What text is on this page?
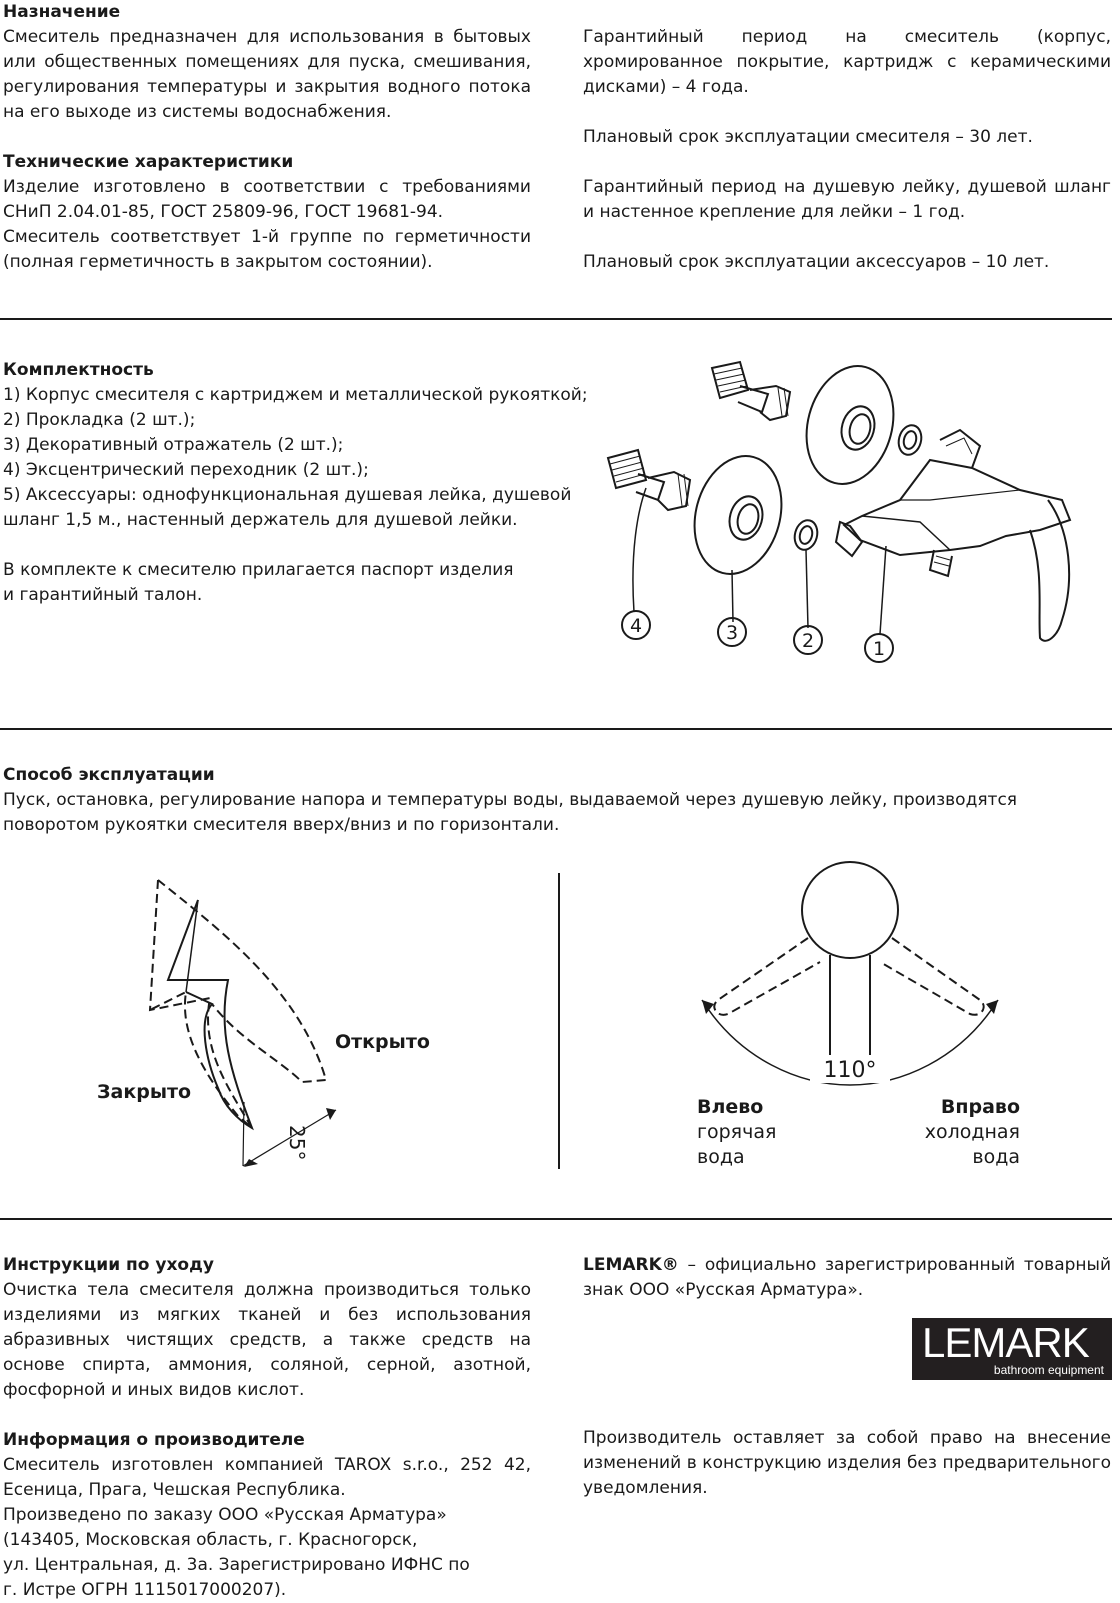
Назначение

Смеситель предназначен для использования в бытовых или общественных помещениях для пуска, смешивания, регулирования температуры и закрытия водного потока на его выходе из системы водоснабжения.

Технические характеристики

Изделие изготовлено в соответствии с требованиями СНиП 2.04.01-85, ГОСТ 25809-96, ГОСТ 19681-94.

Смеситель соответствует 1-й группе по герметичности (полная герметичность в закрытом состоянии).

Гарантийный период на смеситель (корпус, хромированное покрытие, картридж с керамическими дисками) – 4 года.

Плановый срок эксплуатации смесителя – 30 лет.

Гарантийный период на душевую лейку, душевой шланг и настенное крепление для лейки – 1 год.

Плановый срок эксплуатации аксессуаров – 10 лет.

Комплектность

1) Корпус смесителя с картриджем и металлической рукояткой;

2) Прокладка (2 шт.);

3) Декоративный отражатель (2 шт.);

4) Эксцентрический переходник (2 шт.);

5) Аксессуары: однофункциональная душевая лейка, душевой шланг 1,5 м., настенный держатель для душевой лейки.

В комплекте к смесителю прилагается паспорт изделия и гарантийный талон.

4	3	2	1

Способ эксплуатации

Пуск, остановка, регулирование напора и температуры воды, выдаваемой через душевую лейку, производятся поворотом рукоятки смесителя вверх/вниз и по горизонтали.

25°
Закрыто
Открыто
110°
Влево
горячая
вода
Вправо
холодная
вода

Инструкции по уходу

Очистка тела смесителя должна производиться только изделиями из мягких тканей и без использования абразивных чистящих средств, а также средств на основе спирта, аммония, соляной, серной, азотной, фосфорной и иных видов кислот.

Информация о производителе

Смеситель изготовлен компанией TAROX s.r.o., 252 42, Есеница, Прага, Чешская Республика.

Произведено по заказу ООО «Русская Арматура»

(143405, Московская область, г. Красногорск,

ул. Центральная, д. 3а. Зарегистрировано ИФНС по

г. Истре ОГРН 1115017000207).

LEMARK® – официально зарегистрированный товарный знак ООО «Русская Арматура».

LEMARK
bathroom equipment

Производитель оставляет за собой право на внесение изменений в конструкцию изделия без предварительного уведомления.
